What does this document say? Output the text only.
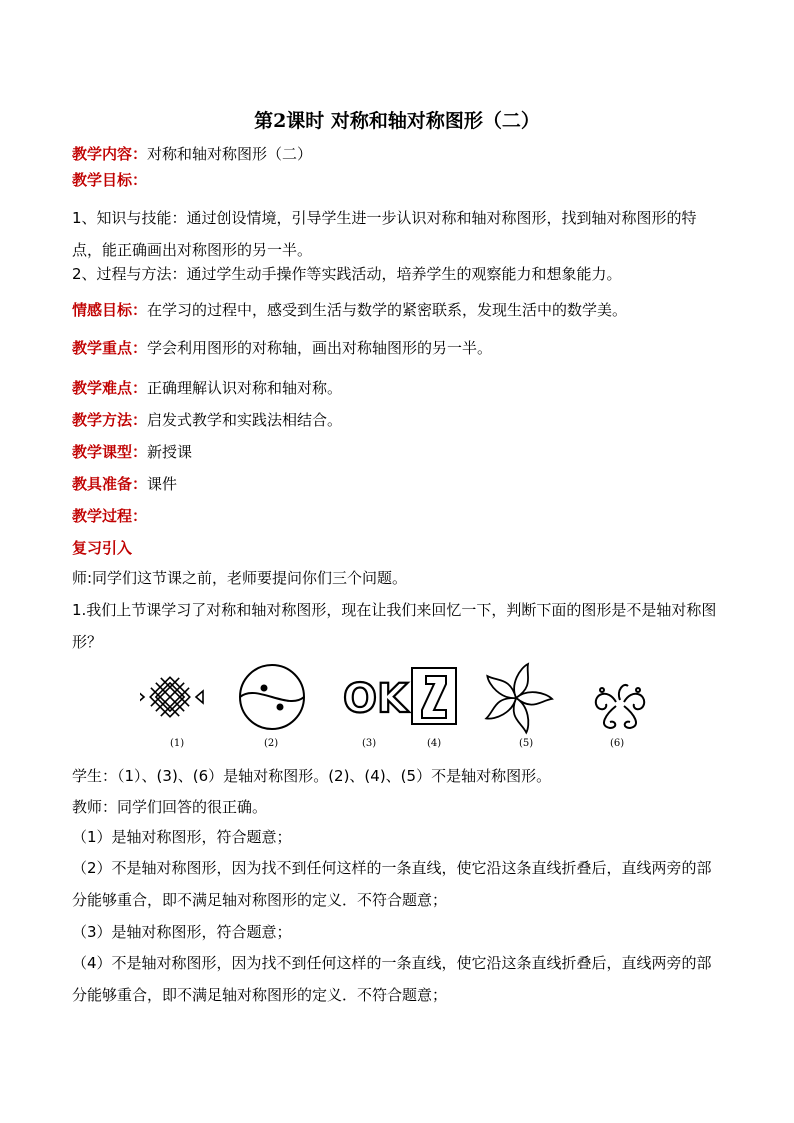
第2课时 对称和轴对称图形（二）
教学内容：对称和轴对称图形（二）
教学目标：
1、知识与技能：通过创设情境，引导学生进一步认识对称和轴对称图形，找到轴对称图形的特点，能正确画出对称图形的另一半。
2、过程与方法：通过学生动手操作等实践活动，培养学生的观察能力和想象能力。
情感目标：在学习的过程中，感受到生活与数学的紧密联系，发现生活中的数学美。
教学重点：学会利用图形的对称轴，画出对称轴图形的另一半。
教学难点：正确理解认识对称和轴对称。
教学方法：启发式教学和实践法相结合。
教学课型：新授课
教具准备：课件
教学过程：
复习引入
师:同学们这节课之前，老师要提问你们三个问题。
1.我们上节课学习了对称和轴对称图形，现在让我们来回忆一下，判断下面的图形是不是轴对称图形？
OK
(1)	(2)	(3)	(4)	(5)	(6)
学生：（1）、(3)、(6）是轴对称图形。(2)、(4)、(5）不是轴对称图形。
教师：同学们回答的很正确。
（1）是轴对称图形，符合题意；
（2）不是轴对称图形，因为找不到任何这样的一条直线，使它沿这条直线折叠后，直线两旁的部分能够重合，即不满足轴对称图形的定义．不符合题意；
（3）是轴对称图形，符合题意；
（4）不是轴对称图形，因为找不到任何这样的一条直线，使它沿这条直线折叠后，直线两旁的部分能够重合，即不满足轴对称图形的定义．不符合题意；
